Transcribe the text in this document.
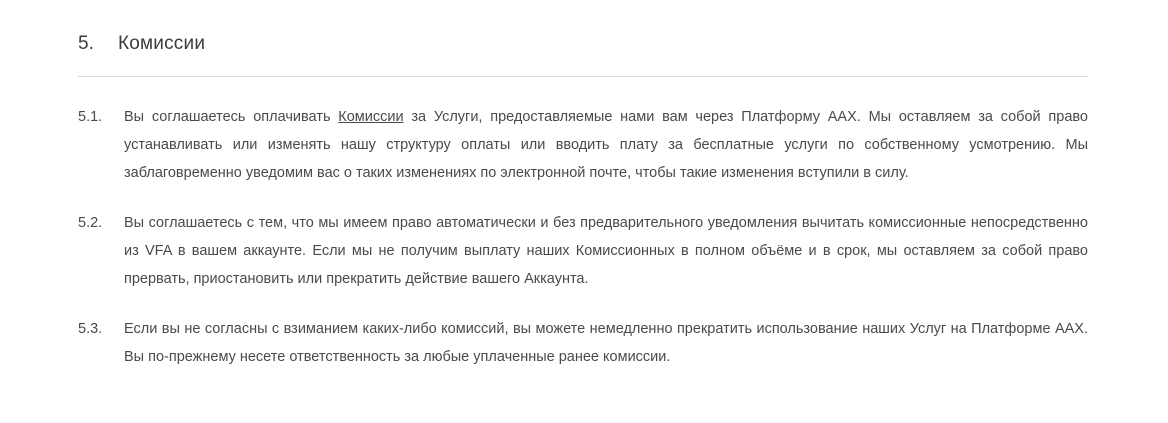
5.	Комиссии
5.1.	Вы соглашаетесь оплачивать Комиссии за Услуги, предоставляемые нами вам через Платформу AAX. Мы оставляем за собой право устанавливать или изменять нашу структуру оплаты или вводить плату за бесплатные услуги по собственному усмотрению. Мы заблаговременно уведомим вас о таких изменениях по электронной почте, чтобы такие изменения вступили в силу.
5.2.	Вы соглашаетесь с тем, что мы имеем право автоматически и без предварительного уведомления вычитать комиссионные непосредственно из VFA в вашем аккаунте. Если мы не получим выплату наших Комиссионных в полном объёме и в срок, мы оставляем за собой право прервать, приостановить или прекратить действие вашего Аккаунта.
5.3.	Если вы не согласны с взиманием каких-либо комиссий, вы можете немедленно прекратить использование наших Услуг на Платформе AAX. Вы по-прежнему несете ответственность за любые уплаченные ранее комиссии.
